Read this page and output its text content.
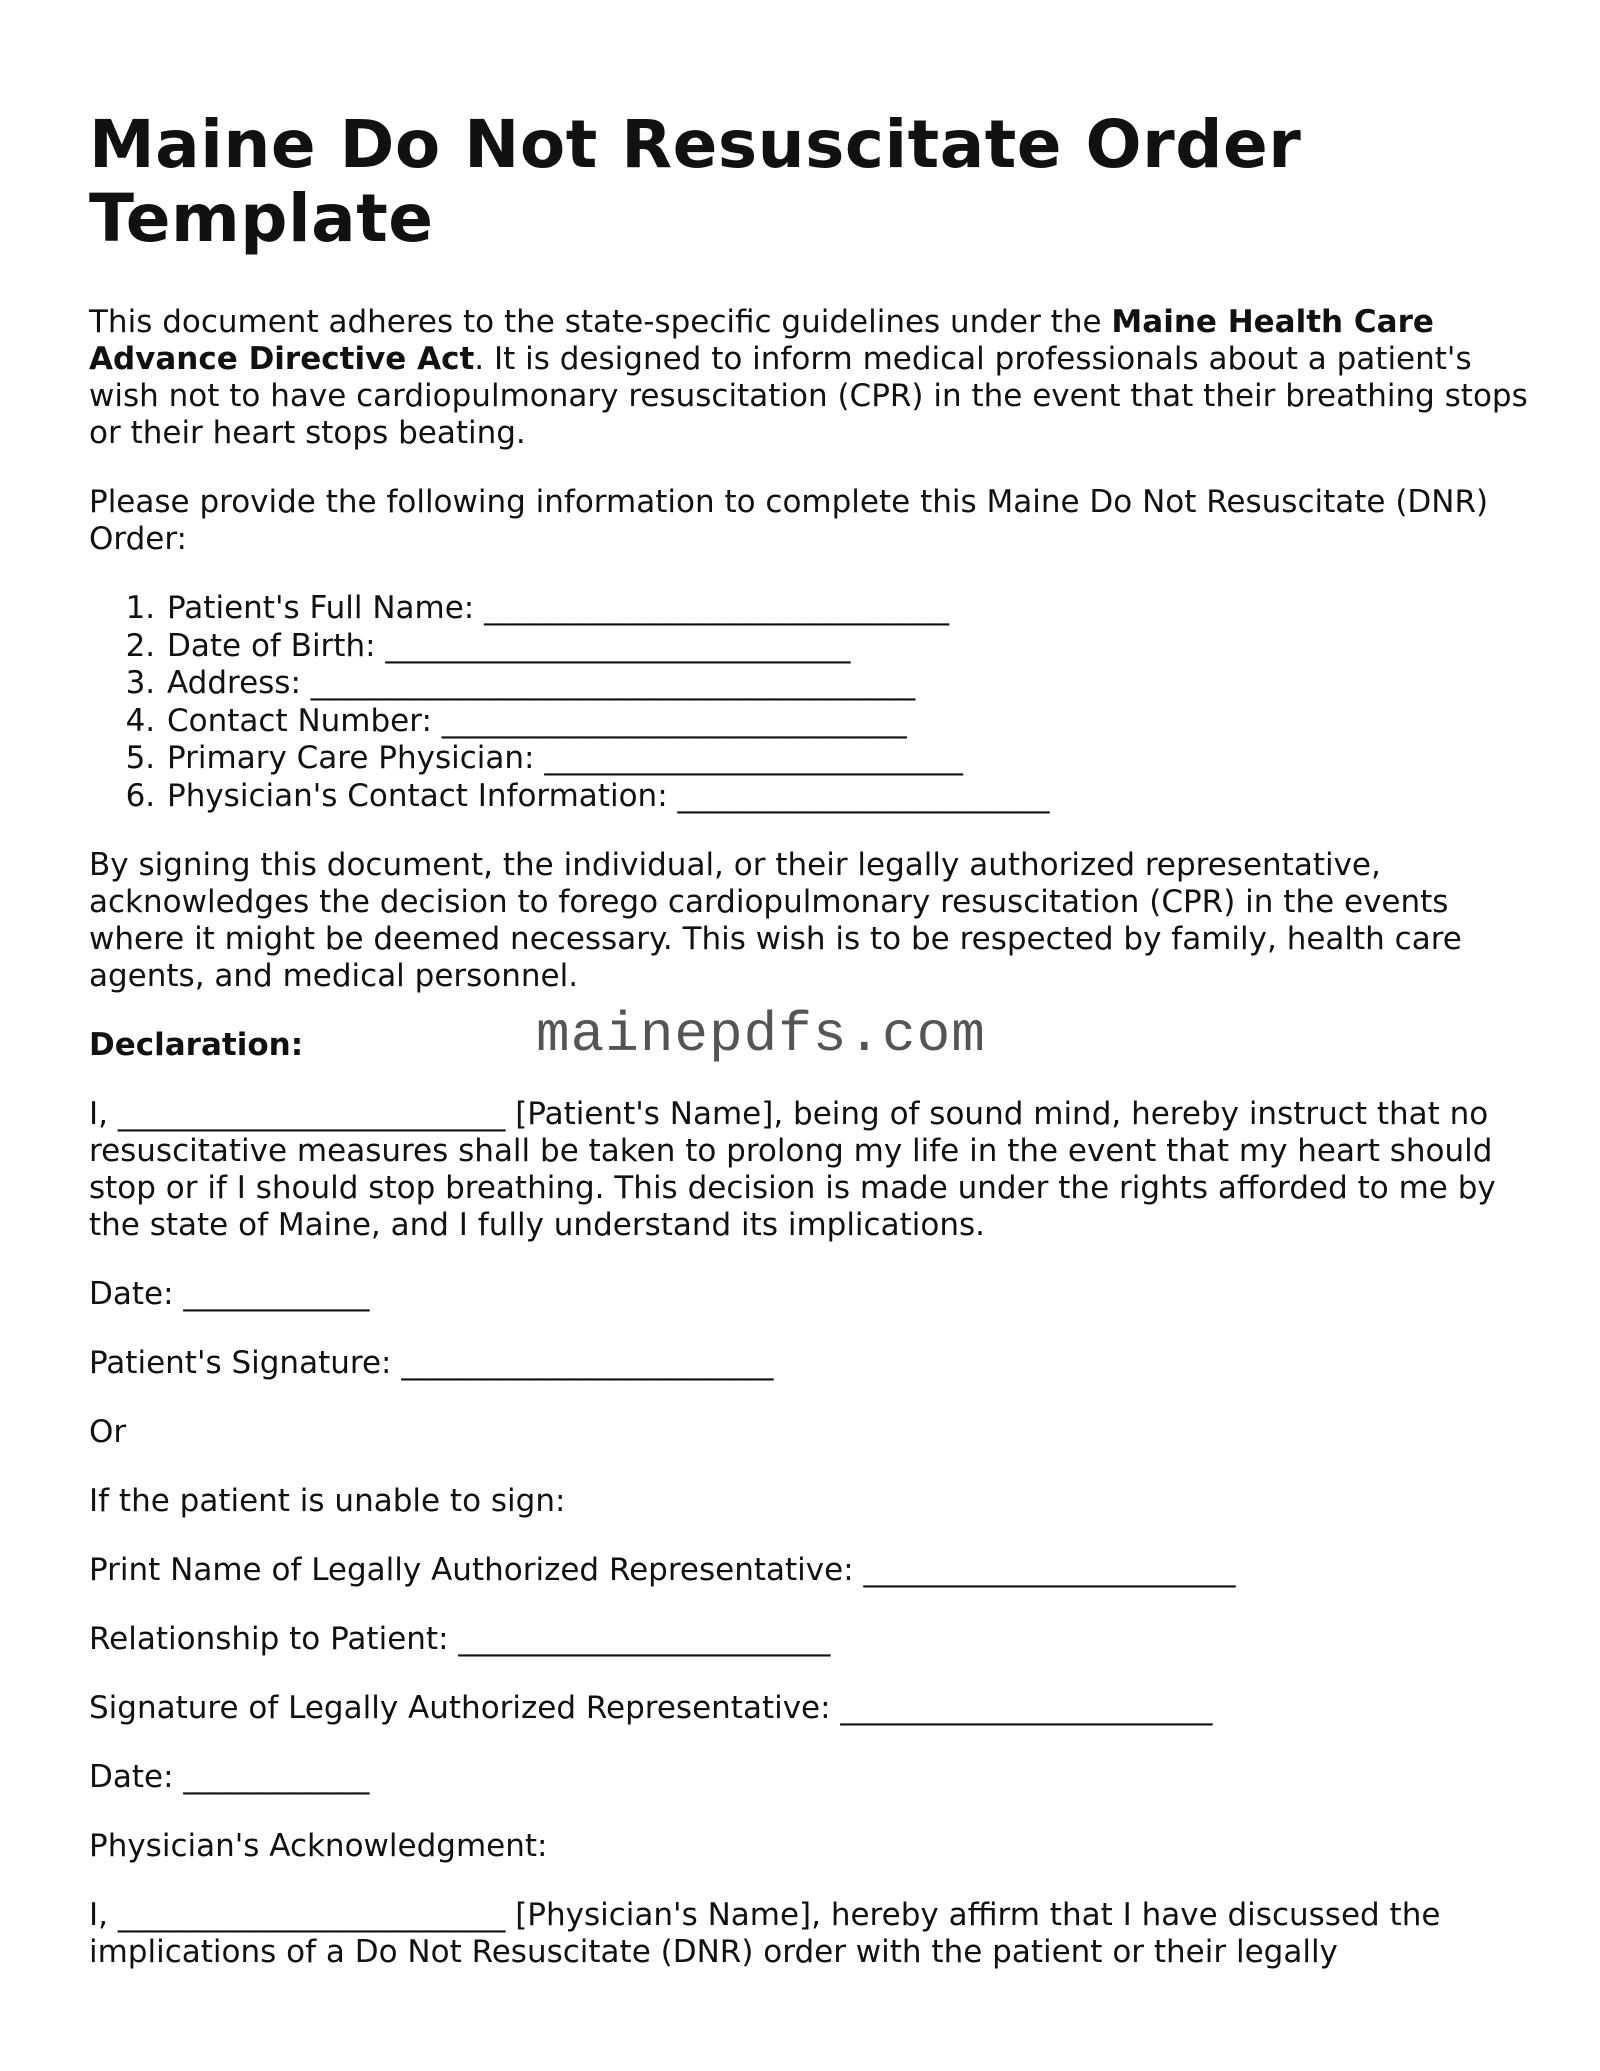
Maine Do Not Resuscitate Order Template

This document adheres to the state-specific guidelines under the Maine Health Care Advance Directive Act. It is designed to inform medical professionals about a patient's wish not to have cardiopulmonary resuscitation (CPR) in the event that their breathing stops or their heart stops beating.

Please provide the following information to complete this Maine Do Not Resuscitate (DNR) Order:

1. Patient's Full Name: ______________________________
2. Date of Birth: ______________________________
3. Address: _______________________________________
4. Contact Number: ______________________________
5. Primary Care Physician: ___________________________
6. Physician's Contact Information: ________________________

By signing this document, the individual, or their legally authorized representative, acknowledges the decision to forego cardiopulmonary resuscitation (CPR) in the events where it might be deemed necessary. This wish is to be respected by family, health care agents, and medical personnel.

Declaration:	mainepdfs.com

I, _________________________ [Patient's Name], being of sound mind, hereby instruct that no resuscitative measures shall be taken to prolong my life in the event that my heart should stop or if I should stop breathing. This decision is made under the rights afforded to me by the state of Maine, and I fully understand its implications.

Date: ____________

Patient's Signature: ________________________

Or

If the patient is unable to sign:

Print Name of Legally Authorized Representative: ________________________

Relationship to Patient: ________________________

Signature of Legally Authorized Representative: ________________________

Date: ____________

Physician's Acknowledgment:

I, _________________________ [Physician's Name], hereby affirm that I have discussed the implications of a Do Not Resuscitate (DNR) order with the patient or their legally
